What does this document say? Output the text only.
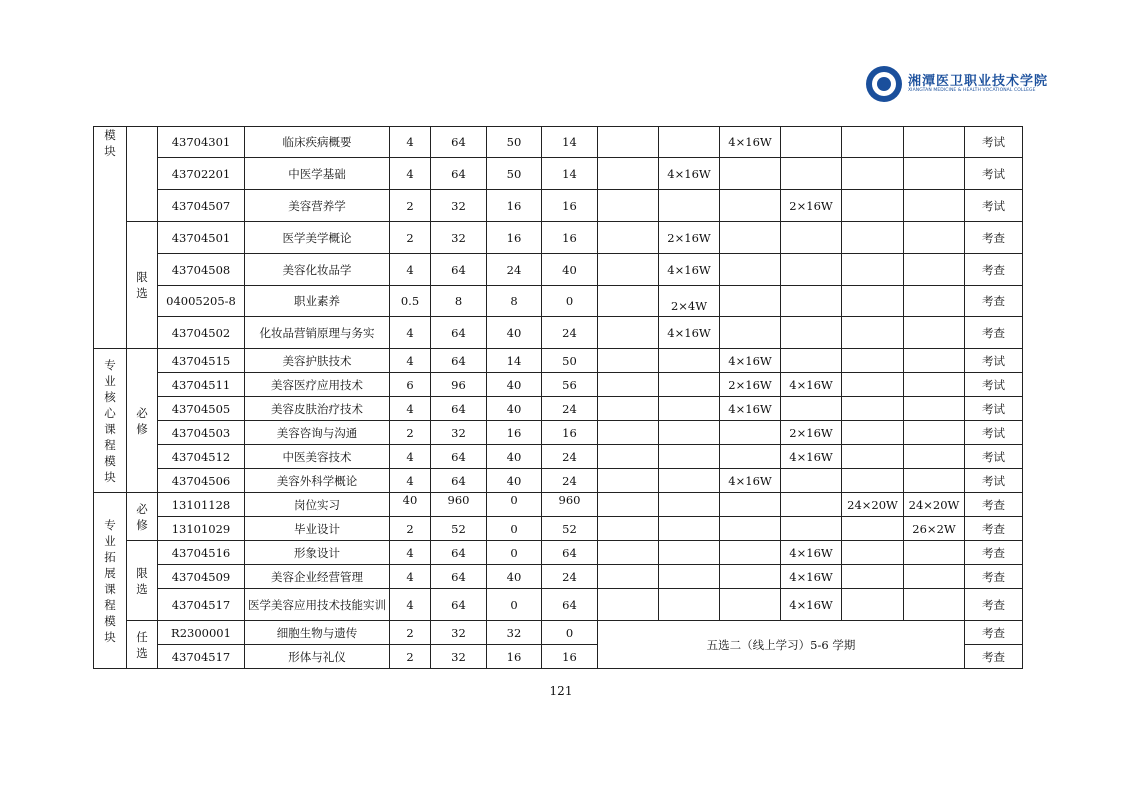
湘潭医卫职业技术学院
XIANGTAN MEDICINE & HEALTH VOCATIONAL COLLEGE
模块		43704301	临床疾病概要	4	64	50	14			4×16W				考试
		43702201	中医学基础	4	64	50	14		4×16W					考试
		43704507	美容营养学	2	32	16	16				2×16W			考试

	限选	43704501	医学美学概论	2	32	16	16		2×16W					考查
		43704508	美容化妆品学	4	64	24	40		4×16W					考查
		04005205-8	职业素养	0.5	8	8	0		2×4W					考查
		43704502	化妆品营销原理与务实	4	64	40	24		4×16W					考查

专业核心课程模块	必修	43704515	美容护肤技术	4	64	14	50			4×16W				考试
		43704511	美容医疗应用技术	6	96	40	56			2×16W	4×16W			考试
		43704505	美容皮肤治疗技术	4	64	40	24			4×16W				考试
		43704503	美容咨询与沟通	2	32	16	16				2×16W			考试
		43704512	中医美容技术	4	64	40	24				4×16W			考试
		43704506	美容外科学概论	4	64	40	24			4×16W				考试

专业拓展课程模块	必修	13101128	岗位实习	40	960	0	960					24×20W	24×20W	考查
		13101029	毕业设计	2	52	0	52						26×2W	考查

	限选	43704516	形象设计	4	64	0	64				4×16W			考查
		43704509	美容企业经营管理	4	64	40	24				4×16W			考查
		43704517	医学美容应用技术技能实训	4	64	0	64				4×16W			考查

	任选	R2300001	细胞生物与遗传	2	32	32	0	五选二（线上学习）5-6 学期						考查
		43704517	形体与礼仪	2	32	16	16							考查
121
